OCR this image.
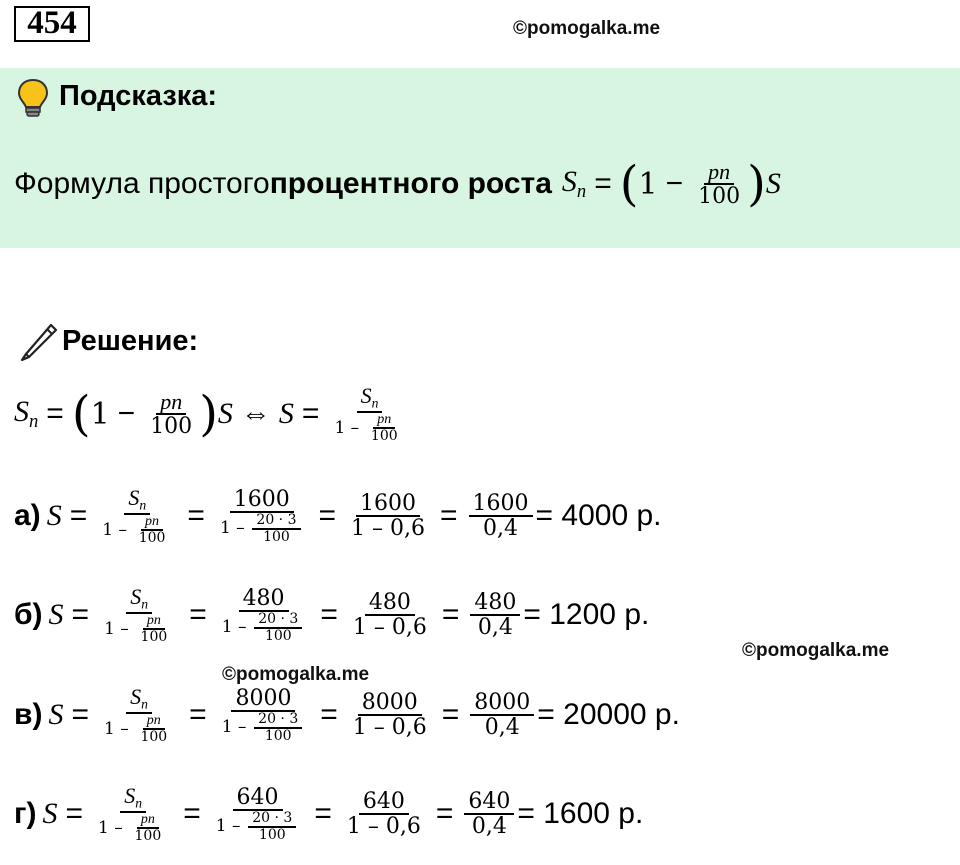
454	©pomogalka.me
Подсказка:
Формула простого процентного роста $S_n$ = ( $1 - \frac{pn}{100}$ ) S
Решение:
$S_n$ = ( $1 - \frac{pn}{100}$ ) S ⇔ $S = \frac{S_n}{1 - \frac{pn}{100}}$
а) $S = \frac{S_n}{1 - \frac{pn}{100}} = \frac{1600}{1 - \frac{20 \cdot 3}{100}} = \frac{1600}{1 - 0,6} = \frac{1600}{0,4} = 4000$ р.
б) $S = \frac{S_n}{1 - \frac{pn}{100}} = \frac{480}{1 - \frac{20 \cdot 3}{100}} = \frac{480}{1 - 0,6} = \frac{480}{0,4} = 1200$ р.
©pomogalka.me
©pomogalka.me
в) $S = \frac{S_n}{1 - \frac{pn}{100}} = \frac{8000}{1 - \frac{20 \cdot 3}{100}} = \frac{8000}{1 - 0,6} = \frac{8000}{0,4} = 20000$ р.
г) $S = \frac{S_n}{1 - \frac{pn}{100}} = \frac{640}{1 - \frac{20 \cdot 3}{100}} = \frac{640}{1 - 0,6} = \frac{640}{0,4} = 1600$ р.
